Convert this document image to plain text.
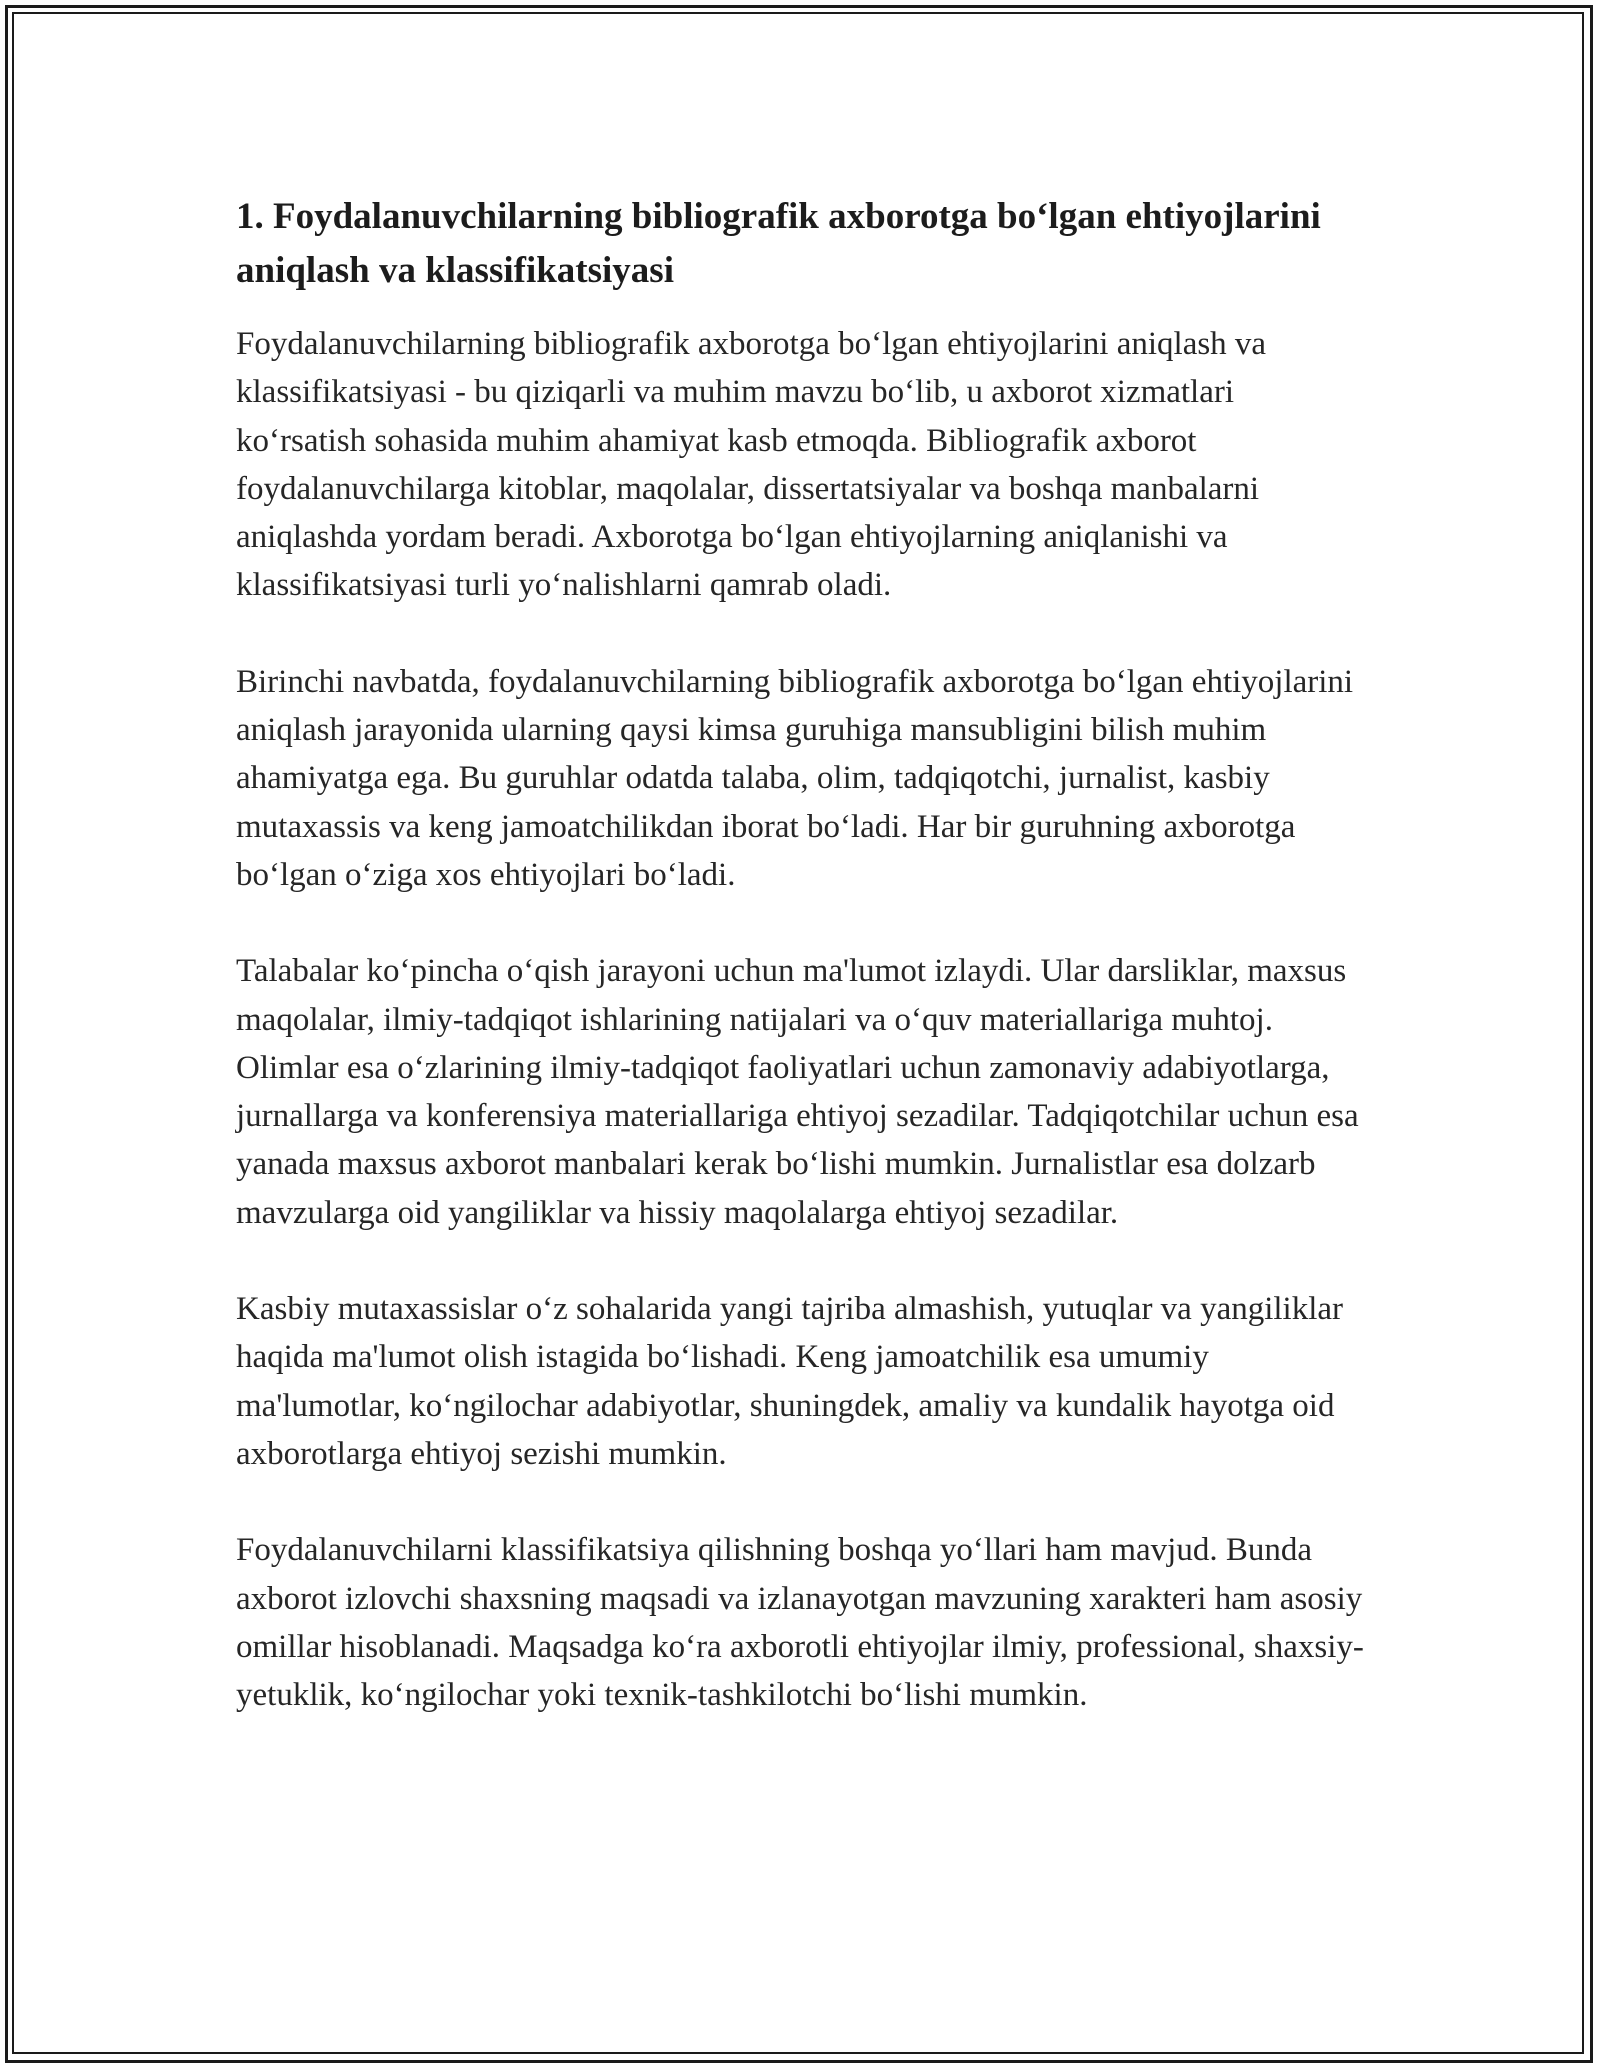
1. Foydalanuvchilarning bibliografik axborotga bo‘lgan ehtiyojlarini aniqlash va klassifikatsiyasi

Foydalanuvchilarning bibliografik axborotga bo‘lgan ehtiyojlarini aniqlash va klassifikatsiyasi - bu qiziqarli va muhim mavzu bo‘lib, u axborot xizmatlari ko‘rsatish sohasida muhim ahamiyat kasb etmoqda. Bibliografik axborot foydalanuvchilarga kitoblar, maqolalar, dissertatsiyalar va boshqa manbalarni aniqlashda yordam beradi. Axborotga bo‘lgan ehtiyojlarning aniqlanishi va klassifikatsiyasi turli yo‘nalishlarni qamrab oladi.

Birinchi navbatda, foydalanuvchilarning bibliografik axborotga bo‘lgan ehtiyojlarini aniqlash jarayonida ularning qaysi kimsa guruhiga mansubligini bilish muhim ahamiyatga ega. Bu guruhlar odatda talaba, olim, tadqiqotchi, jurnalist, kasbiy mutaxassis va keng jamoatchilikdan iborat bo‘ladi. Har bir guruhning axborotga bo‘lgan o‘ziga xos ehtiyojlari bo‘ladi.

Talabalar ko‘pincha o‘qish jarayoni uchun ma'lumot izlaydi. Ular darsliklar, maxsus maqolalar, ilmiy-tadqiqot ishlarining natijalari va o‘quv materiallariga muhtoj. Olimlar esa o‘zlarining ilmiy-tadqiqot faoliyatlari uchun zamonaviy adabiyotlarga, jurnallarga va konferensiya materiallariga ehtiyoj sezadilar. Tadqiqotchilar uchun esa yanada maxsus axborot manbalari kerak bo‘lishi mumkin. Jurnalistlar esa dolzarb mavzularga oid yangiliklar va hissiy maqolalarga ehtiyoj sezadilar.

Kasbiy mutaxassislar o‘z sohalarida yangi tajriba almashish, yutuqlar va yangiliklar haqida ma'lumot olish istagida bo‘lishadi. Keng jamoatchilik esa umumiy ma'lumotlar, ko‘ngilochar adabiyotlar, shuningdek, amaliy va kundalik hayotga oid axborotlarga ehtiyoj sezishi mumkin.

Foydalanuvchilarni klassifikatsiya qilishning boshqa yo‘llari ham mavjud. Bunda axborot izlovchi shaxsning maqsadi va izlanayotgan mavzuning xarakteri ham asosiy omillar hisoblanadi. Maqsadga ko‘ra axborotli ehtiyojlar ilmiy, professional, shaxsiy-yetuklik, ko‘ngilochar yoki texnik-tashkilotchi bo‘lishi mumkin.
